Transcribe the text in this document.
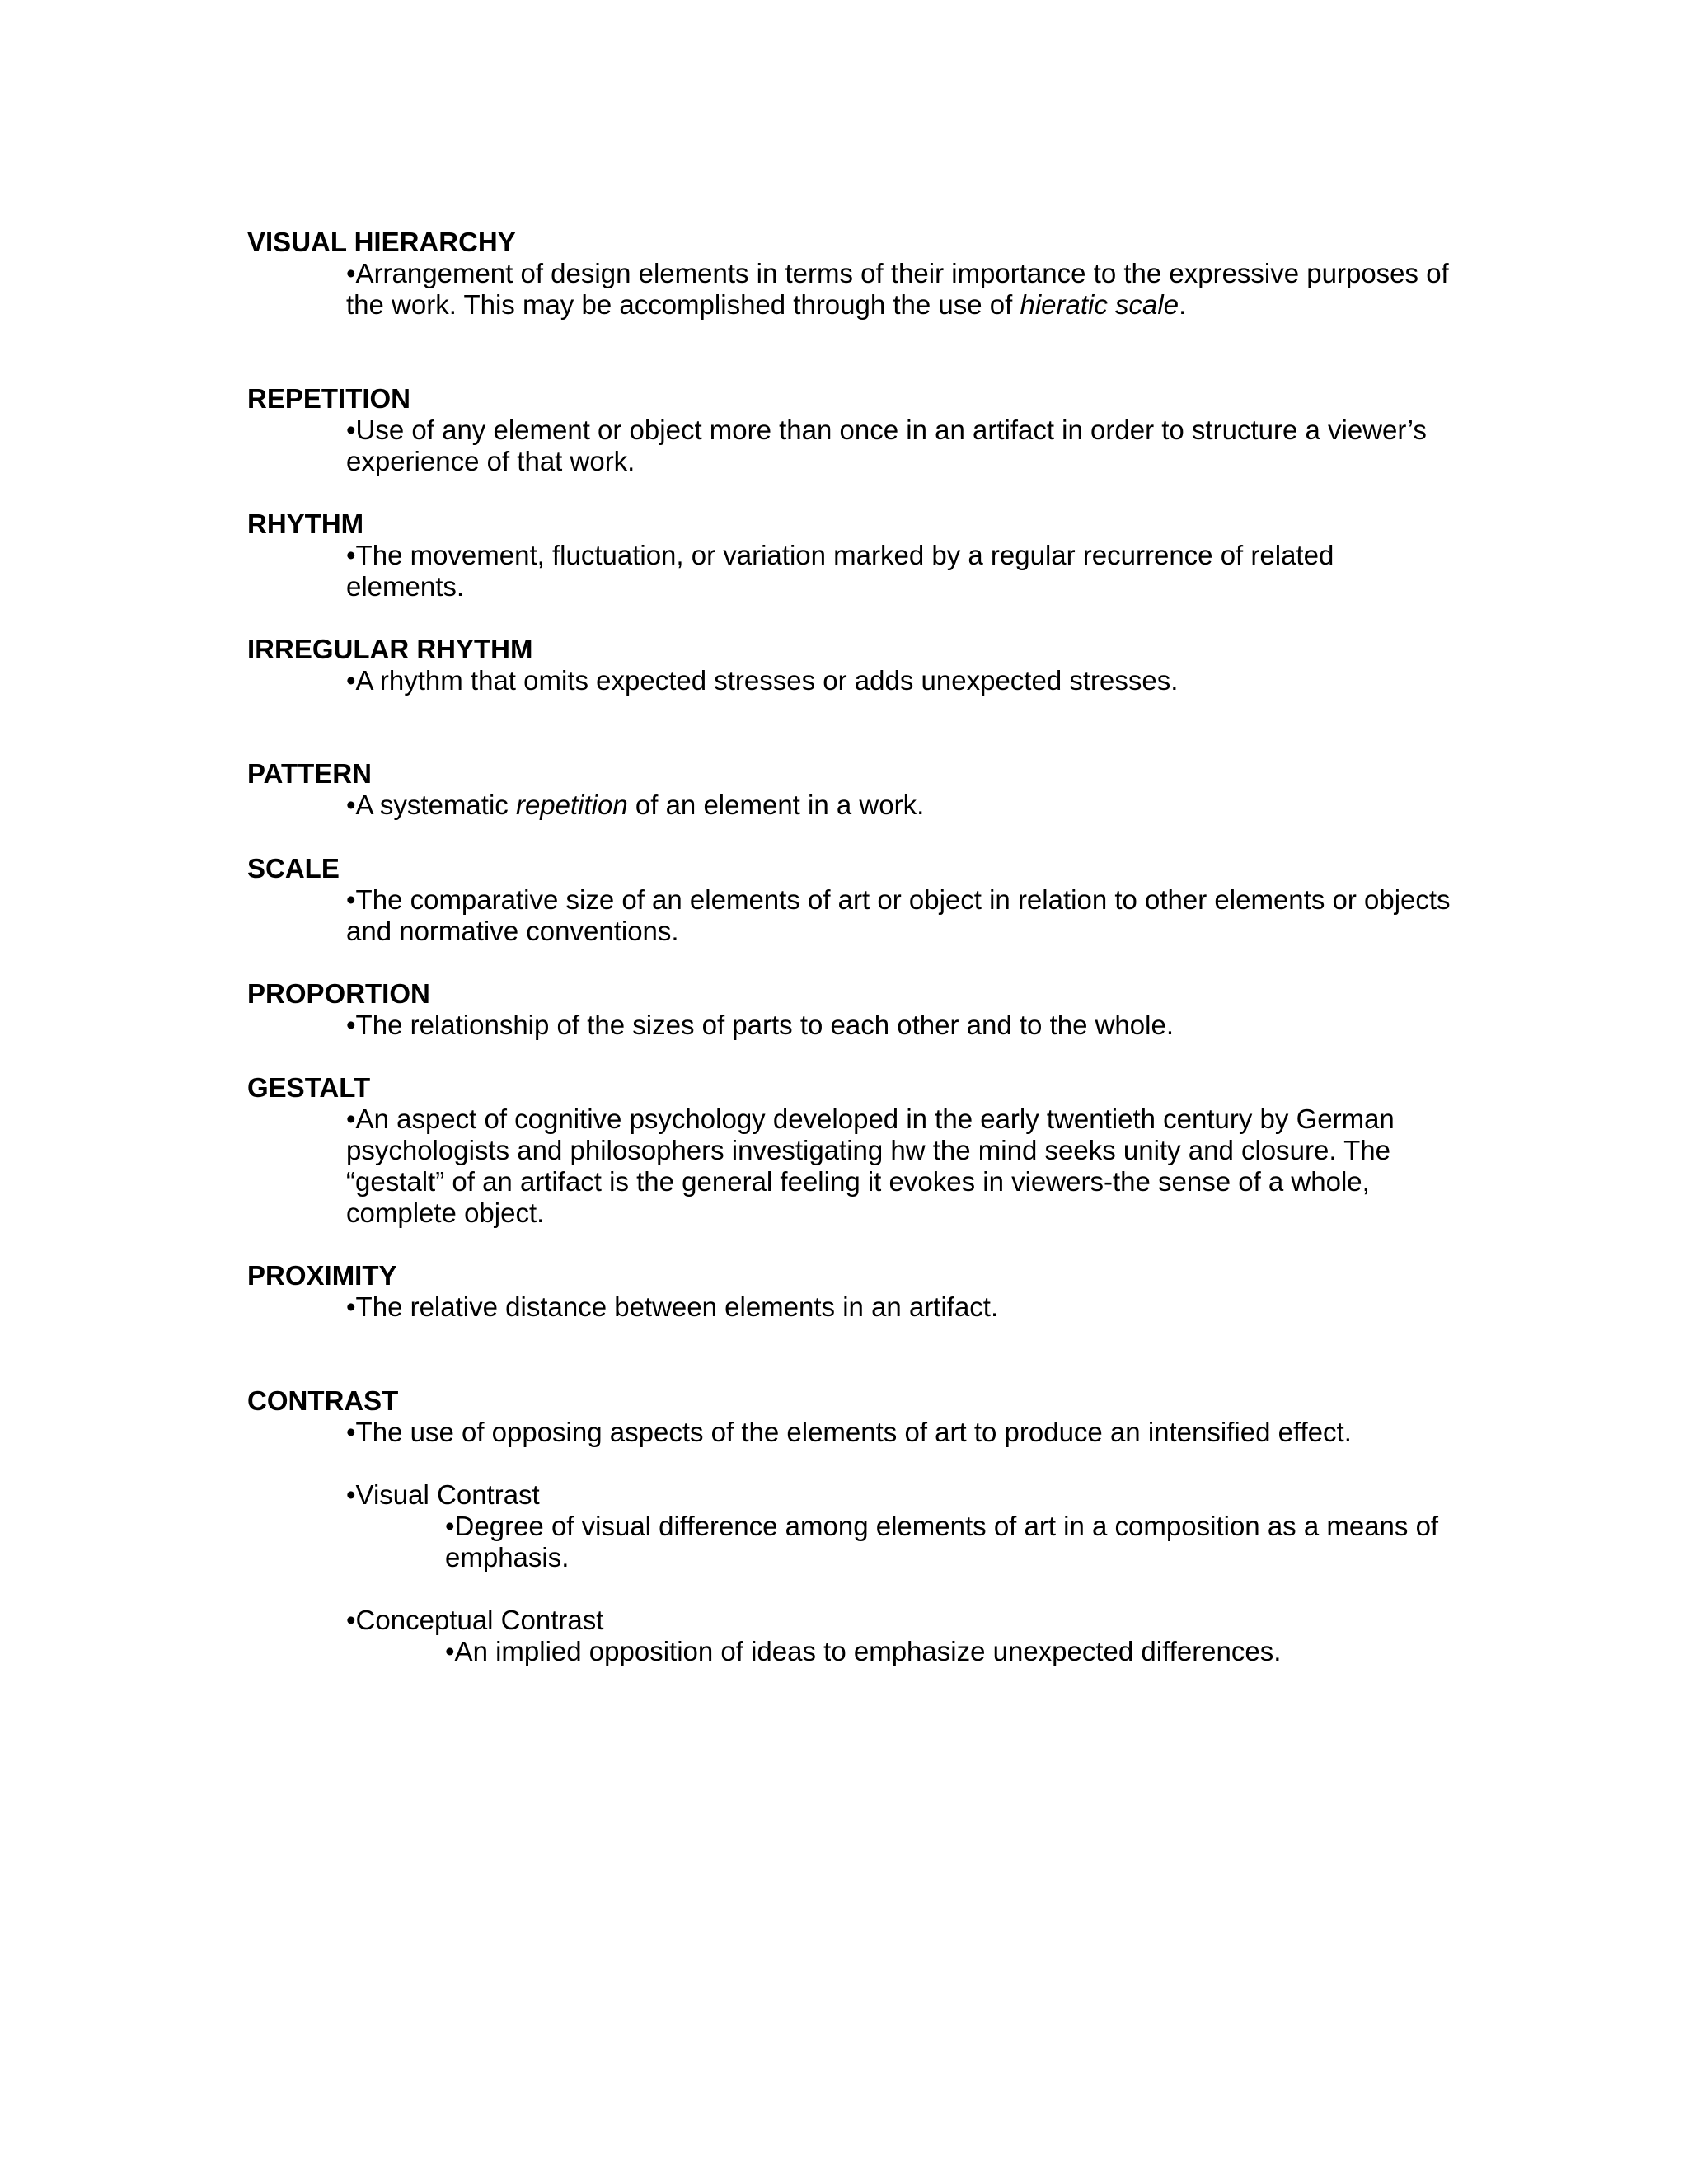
VISUAL HIERARCHY

•Arrangement of design elements in terms of their importance to the expressive purposes of the work. This may be accomplished through the use of hieratic scale.

REPETITION

•Use of any element or object more than once in an artifact in order to structure a viewer’s experience of that work.

RHYTHM

•The movement, fluctuation, or variation marked by a regular recurrence of related elements.

IRREGULAR RHYTHM

•A rhythm that omits expected stresses or adds unexpected stresses.

PATTERN

•A systematic repetition of an element in a work.

SCALE

•The comparative size of an elements of art or object in relation to other elements or objects and normative conventions.

PROPORTION

•The relationship of the sizes of parts to each other and to the whole.

GESTALT

•An aspect of cognitive psychology developed in the early twentieth century by German psychologists and philosophers investigating hw the mind seeks unity and closure. The “gestalt” of an artifact is the general feeling it evokes in viewers-the sense of a whole, complete object.

PROXIMITY

•The relative distance between elements in an artifact.

CONTRAST

•The use of opposing aspects of the elements of art to produce an intensified effect.

•Visual Contrast

•Degree of visual difference among elements of art in a composition as a means of emphasis.

•Conceptual Contrast

•An implied opposition of ideas to emphasize unexpected differences.
